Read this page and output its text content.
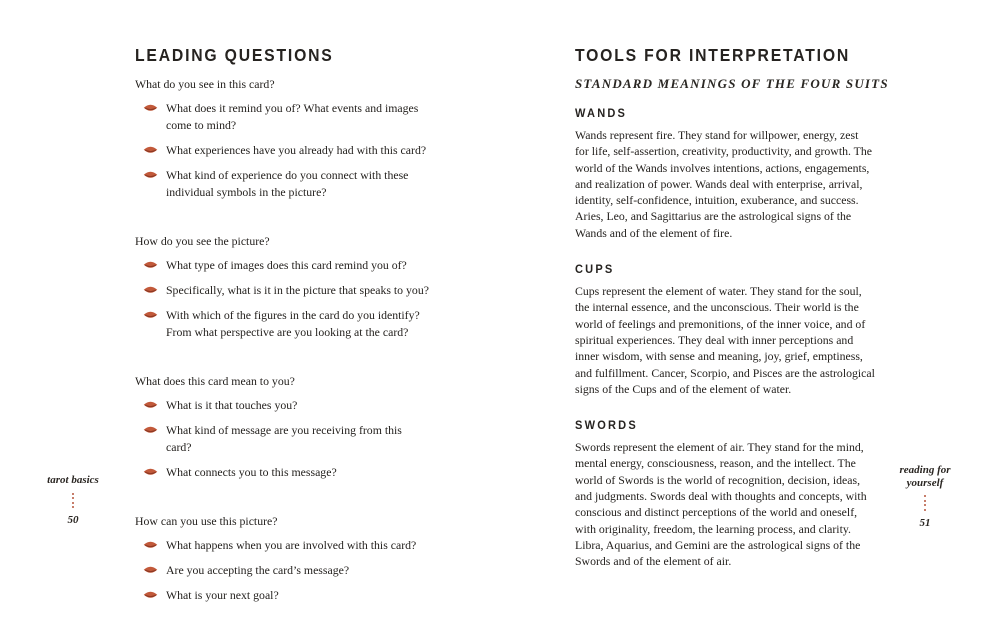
LEADING QUESTIONS

What do you see in this card?

What does it remind you of? What events and images come to mind?
What experiences have you already had with this card?
What kind of experience do you connect with these individual symbols in the picture?

How do you see the picture?

What type of images does this card remind you of?
Specifically, what is it in the picture that speaks to you?
With which of the figures in the card do you identify? From what perspective are you looking at the card?

What does this card mean to you?

What is it that touches you?
What kind of message are you receiving from this card?
What connects you to this message?

How can you use this picture?

What happens when you are involved with this card?
Are you accepting the card’s message?
What is your next goal?
TOOLS FOR INTERPRETATION
STANDARD MEANINGS OF THE FOUR SUITS
WANDS

Wands represent fire. They stand for willpower, energy, zest for life, self-assertion, creativity, productivity, and growth. The world of the Wands involves intentions, actions, engagements, and realization of power. Wands deal with enterprise, arrival, identity, self-confidence, intuition, exuberance, and success. Aries, Leo, and Sagittarius are the astrological signs of the Wands and of the element of fire.

CUPS

Cups represent the element of water. They stand for the soul, the internal essence, and the unconscious. Their world is the world of feelings and premonitions, of the inner voice, and of spiritual experiences. They deal with inner perceptions and inner wisdom, with sense and meaning, joy, grief, emptiness, and fulfillment. Cancer, Scorpio, and Pisces are the astrological signs of the Cups and of the element of water.

SWORDS

Swords represent the element of air. They stand for the mind, mental energy, consciousness, reason, and the intellect. The world of Swords is the world of recognition, decision, ideas, and judgments. Swords deal with thoughts and concepts, with conscious and distinct perceptions of the world and oneself, with originality, freedom, the learning process, and clarity. Libra, Aquarius, and Gemini are the astrological signs of the Swords and of the element of air.

tarot basics
50
reading for yourself
51
